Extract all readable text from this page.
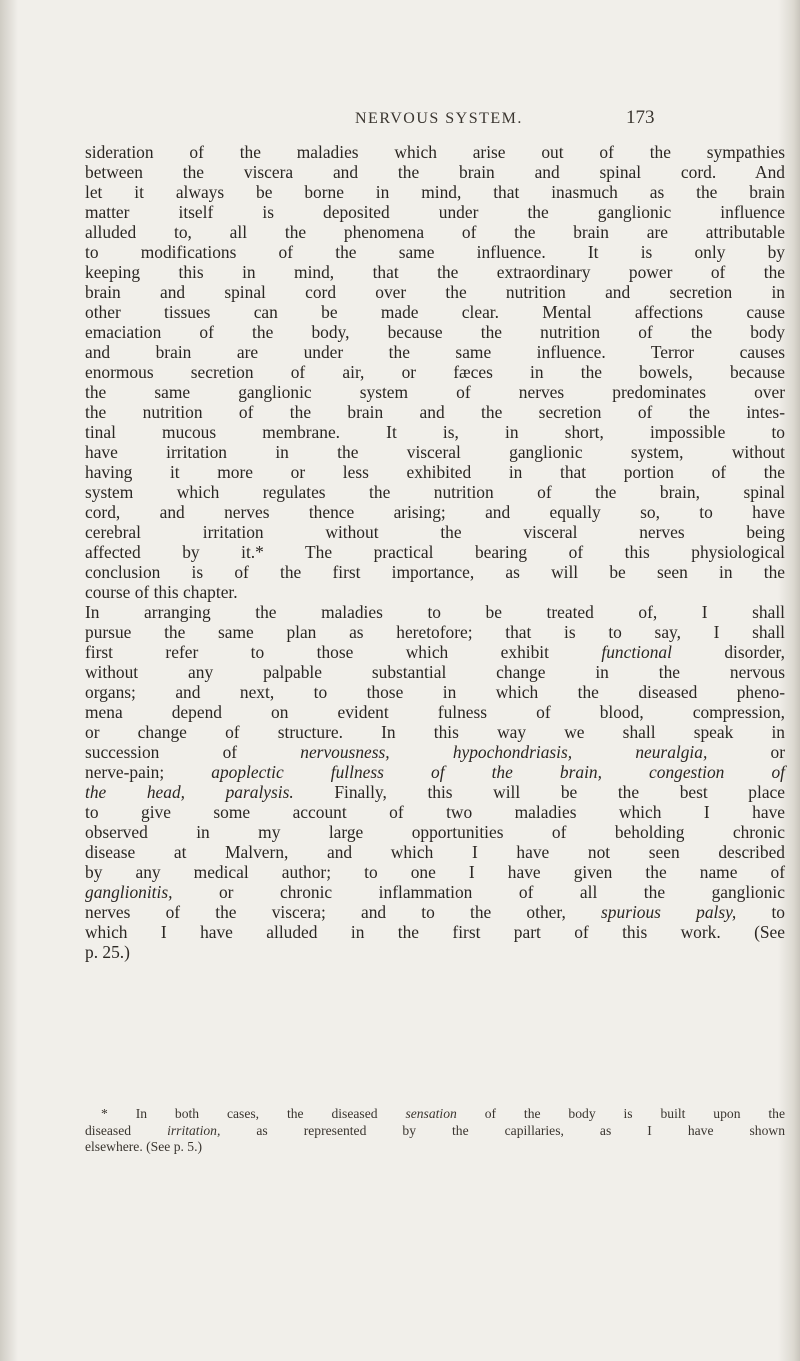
NERVOUS SYSTEM.	173
sideration of the maladies which arise out of the sympathies
between the viscera and the brain and spinal cord. And
let it always be borne in mind, that inasmuch as the brain
matter itself is deposited under the ganglionic influence
alluded to, all the phenomena of the brain are attributable
to modifications of the same influence. It is only by
keeping this in mind, that the extraordinary power of the
brain and spinal cord over the nutrition and secretion in
other tissues can be made clear. Mental affections cause
emaciation of the body, because the nutrition of the body
and brain are under the same influence. Terror causes
enormous secretion of air, or fæces in the bowels, because
the same ganglionic system of nerves predominates over
the nutrition of the brain and the secretion of the intes-
tinal mucous membrane. It is, in short, impossible to
have irritation in the visceral ganglionic system, without
having it more or less exhibited in that portion of the
system which regulates the nutrition of the brain, spinal
cord, and nerves thence arising; and equally so, to have
cerebral irritation without the visceral nerves being
affected by it.* The practical bearing of this physiological
conclusion is of the first importance, as will be seen in the
course of this chapter.
In arranging the maladies to be treated of, I shall
pursue the same plan as heretofore; that is to say, I shall
first refer to those which exhibit	functional	disorder,
without any palpable substantial change in the nervous
organs; and next, to those in which the diseased pheno-
mena depend on evident fulness of blood, compression,
or change of structure. In this way we shall speak in
succession of	nervousness, hypochondriasis, neuralgia,	or
nerve-pain;	apoplectic fullness of the brain, congestion of
the head, paralysis. Finally, this will be the best place
to give some account of two maladies which I have
observed in my large opportunities of beholding chronic
disease at Malvern, and which I have not seen described
by any medical author; to one I have given the name of
ganglionitis,	or chronic inflammation of all the ganglionic
nerves of the viscera; and to the other, spurious palsy, to
which I have alluded in the first part of this work. (See
p. 25.)
* In both cases, the diseased sensation of the body is built upon the
diseased	irritation,	as represented by the capillaries, as I have shown
elsewhere. (See p. 5.)
